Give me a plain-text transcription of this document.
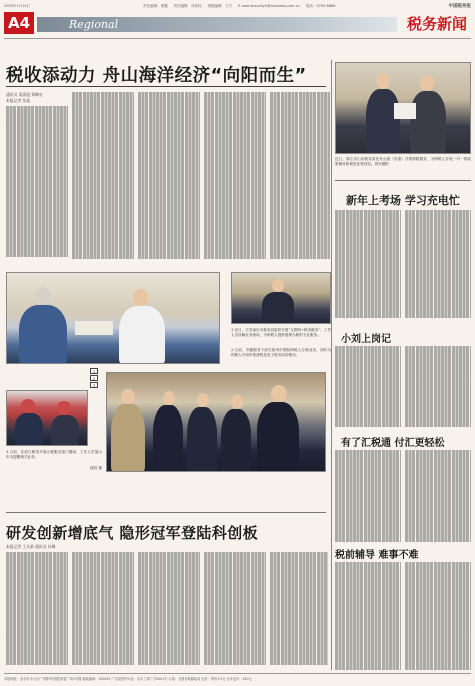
2020年1月14日	责任编辑：邢璐 责任编辑：凤伟民 排版编辑：方方 E-mail:zhoushyh@cbnnews.com.cn 电话：0755-8888	中国税务报
A4	Regional	税务新闻
税收添动力 舟山海洋经济“向阳而生”
通讯员 姜淑旭 郑琳亮
本报记者 张晶
近日，浙江舟山市税务局在舟山港（东港）开展纳税服务，为纳税人开展一对一的政策辅导和税收征管经验。刘东摄影
新年上考场 学习充电忙
小刘上岗记
有了汇税通 付汇更轻松
税前辅导 难事不难
1.近日，江苏南京市税务局组织开展“互联网+税务服务”，工作人员讲解业务现场，为纳税人提供便捷办税的专业服务。
2.日前，安徽税务干部在宿州市帮助纳税人办理业务，同时为纳税人介绍申报流程及电子税务局的使用。
1
2
3
3.日前，在浙江税务开展办税服务窗口期间，工作人员展示年末提醒相关业务。
顾昌 摄
研发创新增底气 隐形冠军登陆科创板
本报记者 王凡新 通讯员 孙琳
本报地址：北京市丰台区广安路9号国投财富广场1号楼 邮政编码：100055 广告经营许可证：京丰工商广字0001号 订阅：全国各地邮政局 定价：每份1.5元 全年定价：240元
